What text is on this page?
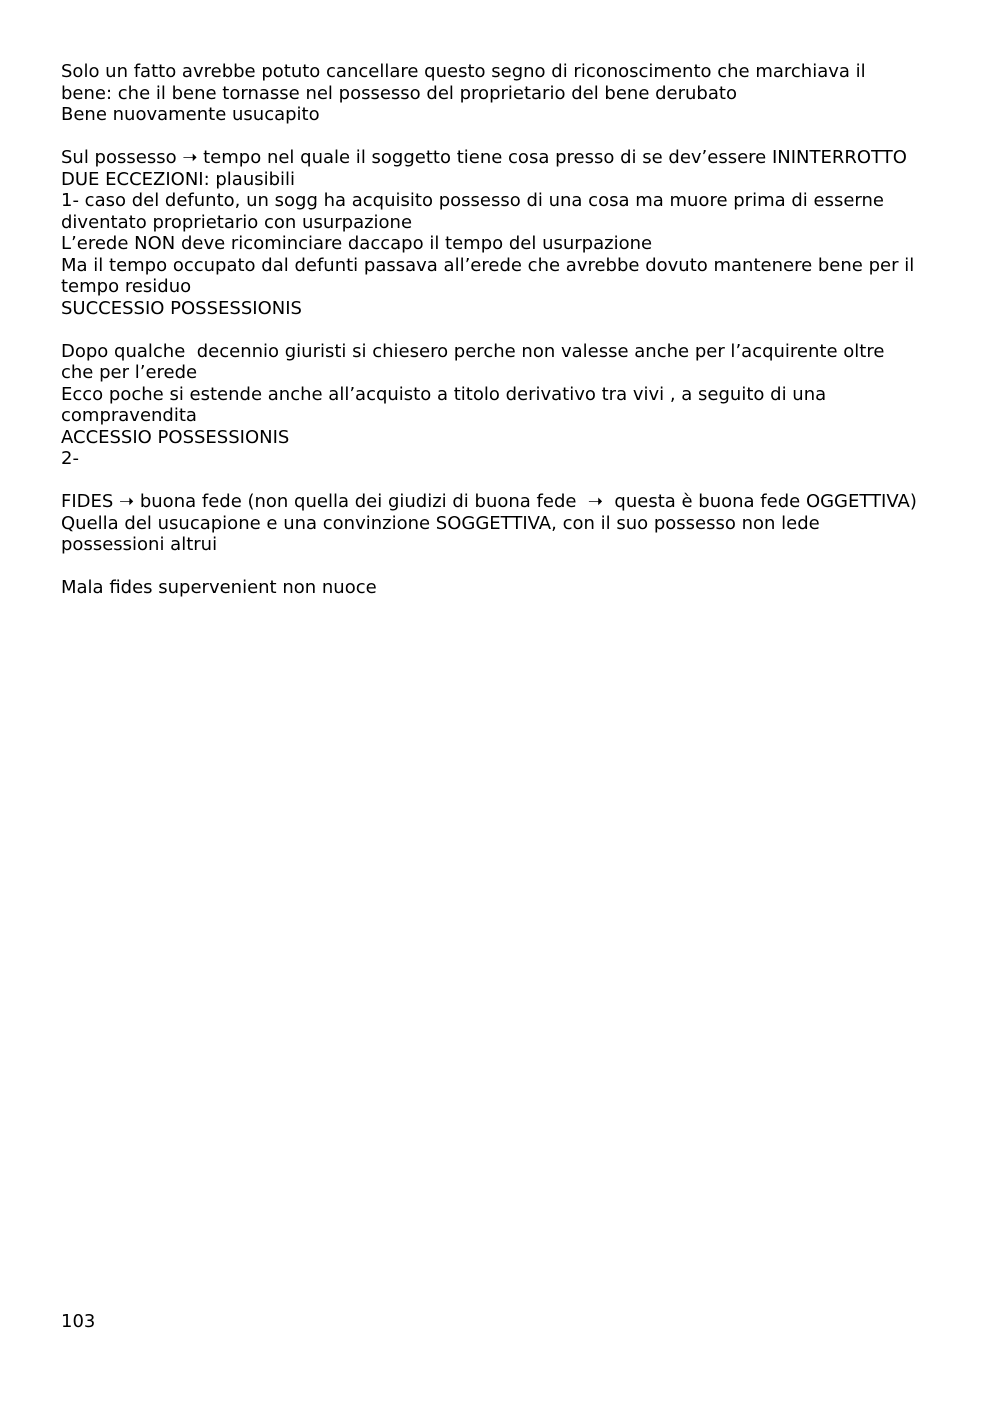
Solo un fatto avrebbe potuto cancellare questo segno di riconoscimento che marchiava il

bene: che il bene tornasse nel possesso del proprietario del bene derubato

Bene nuovamente usucapito

Sul possesso ➝ tempo nel quale il soggetto tiene cosa presso di se dev’essere ININTERROTTO

DUE ECCEZIONI: plausibili

1- caso del defunto, un sogg ha acquisito possesso di una cosa ma muore prima di esserne

diventato proprietario con usurpazione

L’erede NON deve ricominciare daccapo il tempo del usurpazione

Ma il tempo occupato dal defunti passava all’erede che avrebbe dovuto mantenere bene per il

tempo residuo

SUCCESSIO POSSESSIONIS

Dopo qualche  decennio giuristi si chiesero perche non valesse anche per l’acquirente oltre

che per l’erede

Ecco poche si estende anche all’acquisto a titolo derivativo tra vivi , a seguito di una

compravendita

ACCESSIO POSSESSIONIS

2-

FIDES ➝ buona fede (non quella dei giudizi di buona fede  ➝  questa è buona fede OGGETTIVA)

Quella del usucapione e una convinzione SOGGETTIVA, con il suo possesso non lede

possessioni altrui

Mala fides supervenient non nuoce

103
